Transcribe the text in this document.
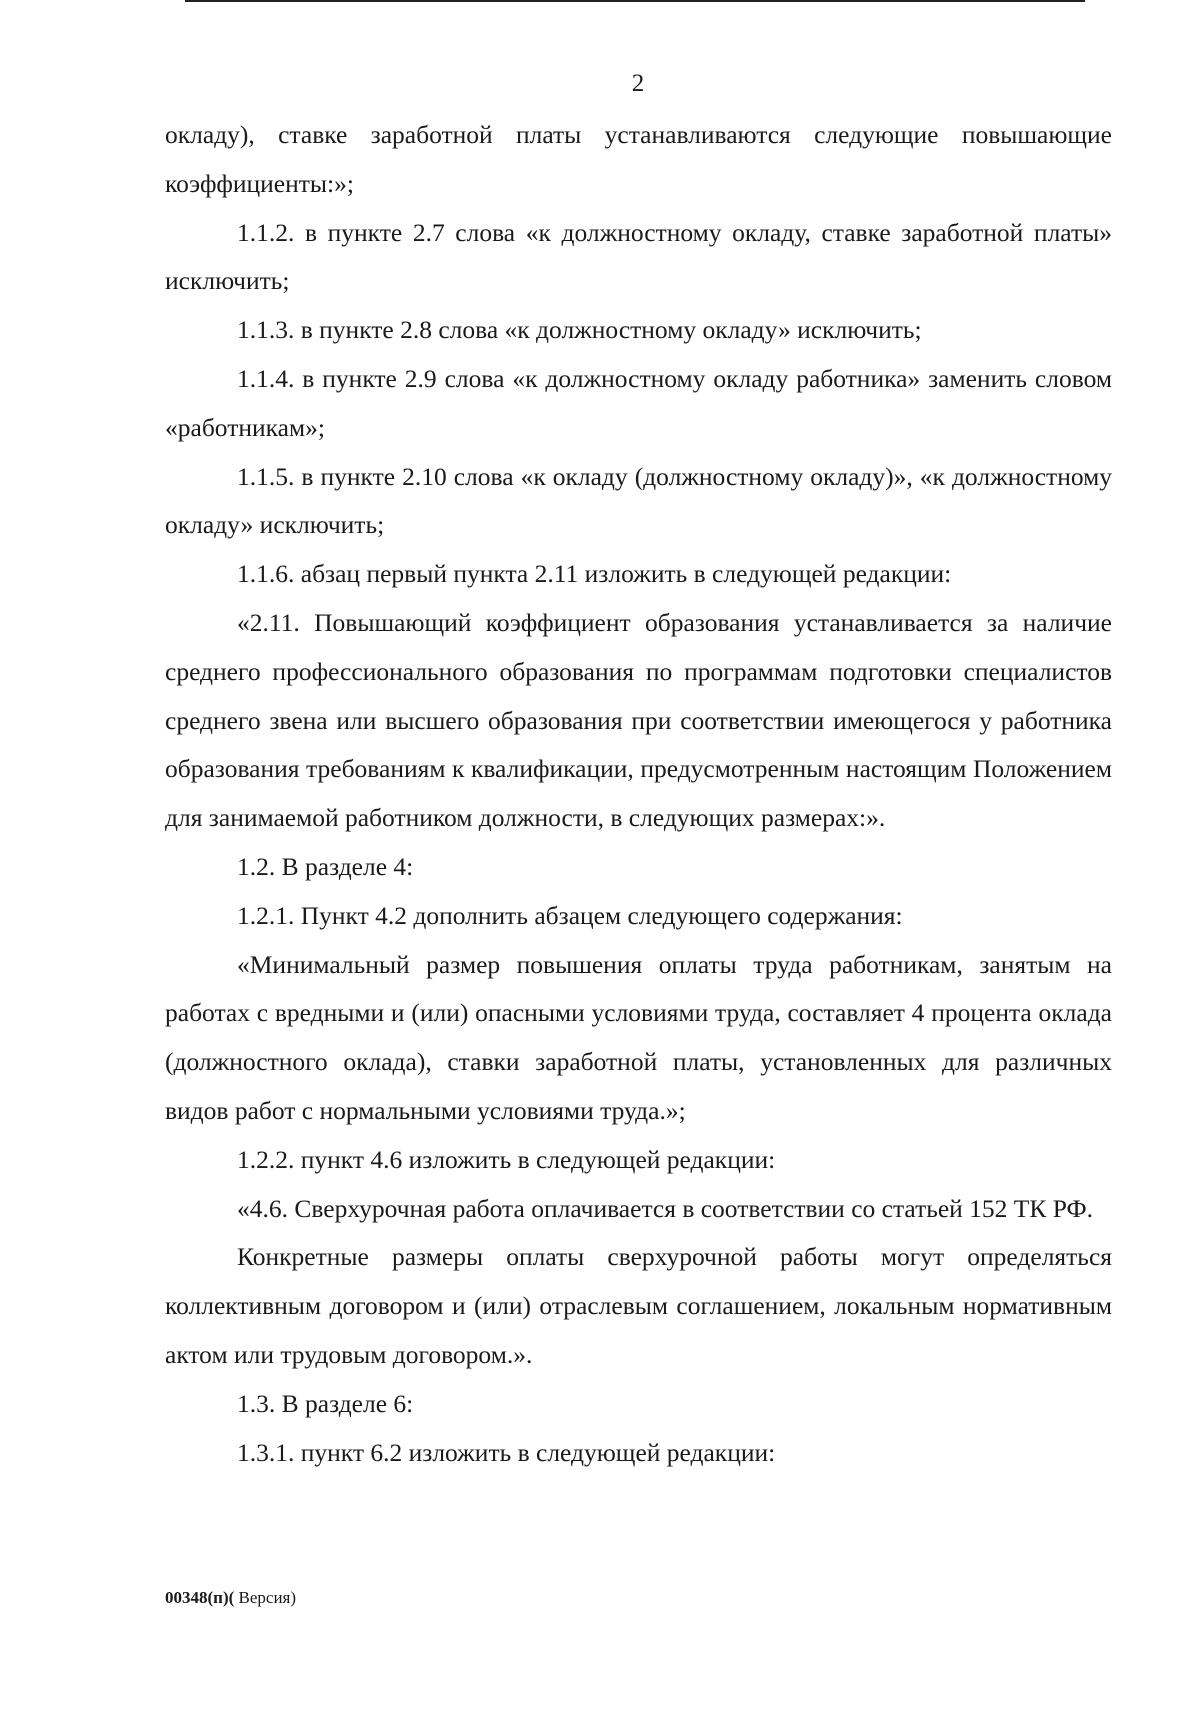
2

окладу), ставке заработной платы устанавливаются следующие повышающие коэффициенты:»;

1.1.2. в пункте 2.7 слова «к должностному окладу, ставке заработной платы» исключить;

1.1.3. в пункте 2.8 слова «к должностному окладу» исключить;

1.1.4. в пункте 2.9 слова «к должностному окладу работника» заменить словом «работникам»;

1.1.5. в пункте 2.10 слова «к окладу (должностному окладу)», «к должностному окладу» исключить;

1.1.6. абзац первый пункта 2.11 изложить в следующей редакции:

«2.11. Повышающий коэффициент образования устанавливается за наличие среднего профессионального образования по программам подготовки специалистов среднего звена или высшего образования при соответствии имеющегося у работника образования требованиям к квалификации, предусмотренным настоящим Положением для занимаемой работником должности, в следующих размерах:».

1.2. В разделе 4:

1.2.1. Пункт 4.2 дополнить абзацем следующего содержания:

«Минимальный размер повышения оплаты труда работникам, занятым на работах с вредными и (или) опасными условиями труда, составляет 4 процента оклада (должностного оклада), ставки заработной платы, установленных для различных видов работ с нормальными условиями труда.»;

1.2.2. пункт 4.6 изложить в следующей редакции:

«4.6. Сверхурочная работа оплачивается в соответствии со статьей 152 ТК РФ.

Конкретные размеры оплаты сверхурочной работы могут определяться коллективным договором и (или) отраслевым соглашением, локальным нормативным актом или трудовым договором.».

1.3. В разделе 6:

1.3.1. пункт 6.2 изложить в следующей редакции:

00348(п)( Версия)
